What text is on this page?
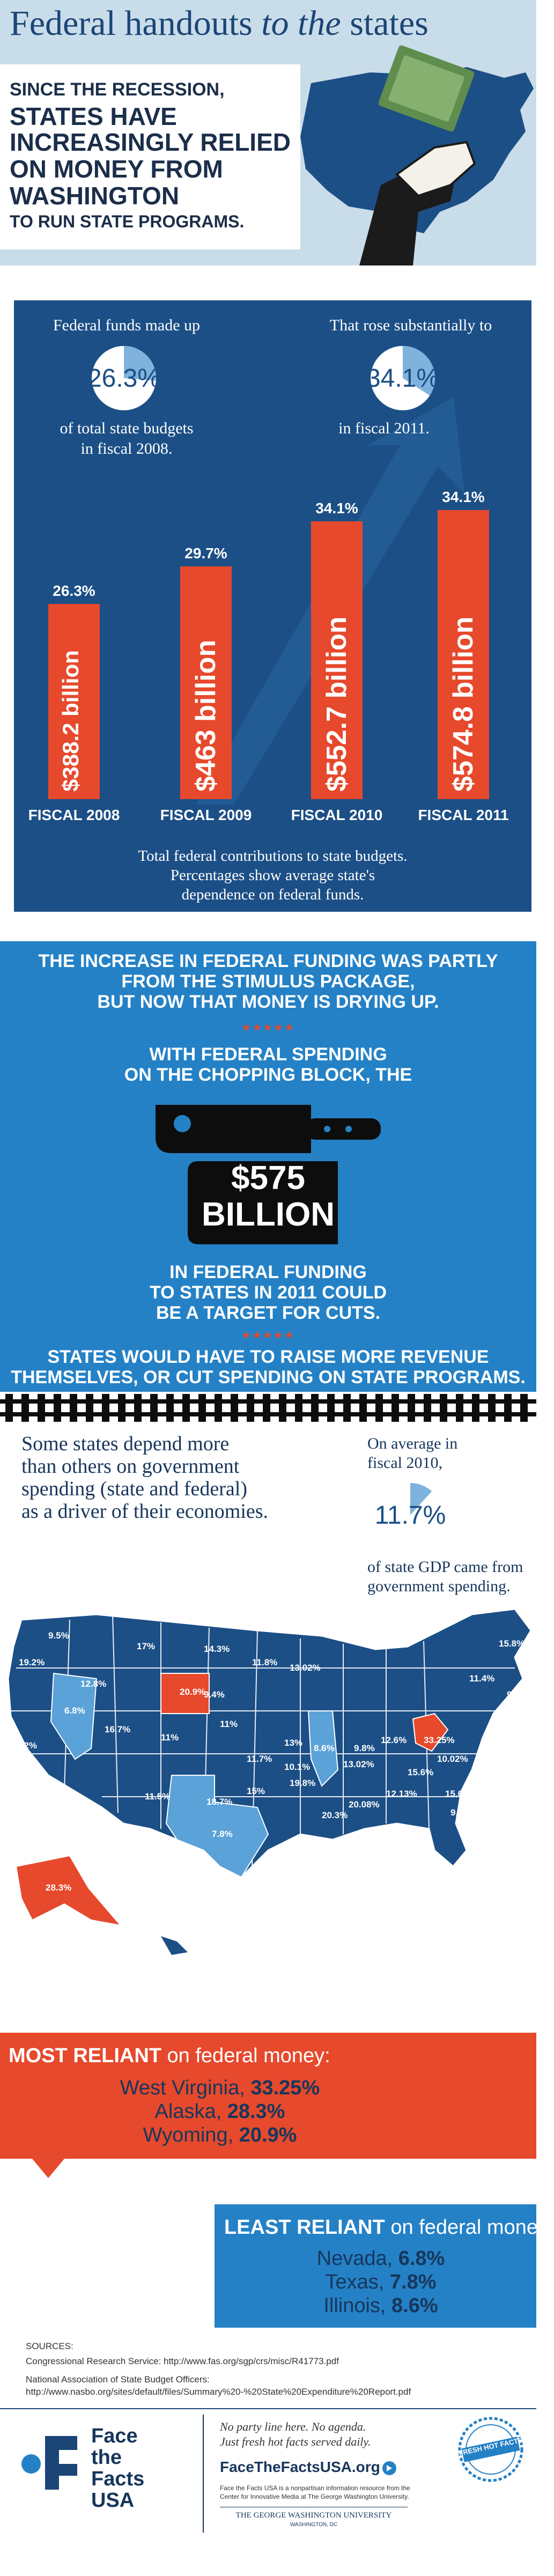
Federal handouts to the states
SINCE THE RECESSION,
STATES HAVE
INCREASINGLY RELIED
ON MONEY FROM
WASHINGTON
TO RUN STATE PROGRAMS.
Federal funds made up
26.3%
of total state budgets
in fiscal 2008.
That rose substantially to
34.1%
in fiscal 2011.
$388.2 billion
26.3%
FISCAL 2008
$463 billion
29.7%
FISCAL 2009
$552.7 billion
34.1%
FISCAL 2010
$574.8 billion
34.1%
FISCAL 2011
Total federal contributions to state budgets.
Percentages show average state's
dependence on federal funds.
THE INCREASE IN FEDERAL FUNDING WAS PARTLY
FROM THE STIMULUS PACKAGE,
BUT NOW THAT MONEY IS DRYING UP.
★★★★★
WITH FEDERAL SPENDING
ON THE CHOPPING BLOCK, THE
$575
BILLION
IN FEDERAL FUNDING
TO STATES IN 2011 COULD
BE A TARGET FOR CUTS.
★★★★★
STATES WOULD HAVE TO RAISE MORE REVENUE
THEMSELVES, OR CUT SPENDING ON STATE PROGRAMS.
Some states depend more
than others on government
spending (state and federal)
as a driver of their economies.
On average in
fiscal 2010,
11.7%
of state GDP came from
government spending.
9.5%
19.2%
12.8%
17%	14.3%
11.8%
13.02%
20.9%
9.4%
6.8%
16.7%
11%
12%
11%
11.7%
13%
8.6%
10.1%
9.8%
12.6%
13.02%
15.8%
11.4%
9.02%
13.6%
16.8%
8.6%
9.9%
13.5%
33.25%
10.02%
12.03%
15.6%
12.13%	15.6%
9.72%
20.08%
20.3%
19.8%
15%
18.7%
11.5%
7.8%
13.7%	9.43%
28.3%
16.8%
MOST RELIANT on federal money:
West Virginia, 33.25%
Alaska, 28.3%
Wyoming, 20.9%
LEAST RELIANT on federal money:
Nevada, 6.8%
Texas, 7.8%
Illinois, 8.6%
SOURCES:
Congressional Research Service: http://www.fas.org/sgp/crs/misc/R41773.pdf
National Association of State Budget Officers:
http://www.nasbo.org/sites/default/files/Summary%20-%20State%20Expenditure%20Report.pdf
Face
the
Facts
USA
No party line here. No agenda.
Just fresh hot facts served daily.
FaceTheFactsUSA.org
Face the Facts USA is a nonpartisan information resource from the
Center for Innovative Media at The George Washington University.
THE GEORGE WASHINGTON UNIVERSITY
WASHINGTON, DC
FRESH HOT FACTS
